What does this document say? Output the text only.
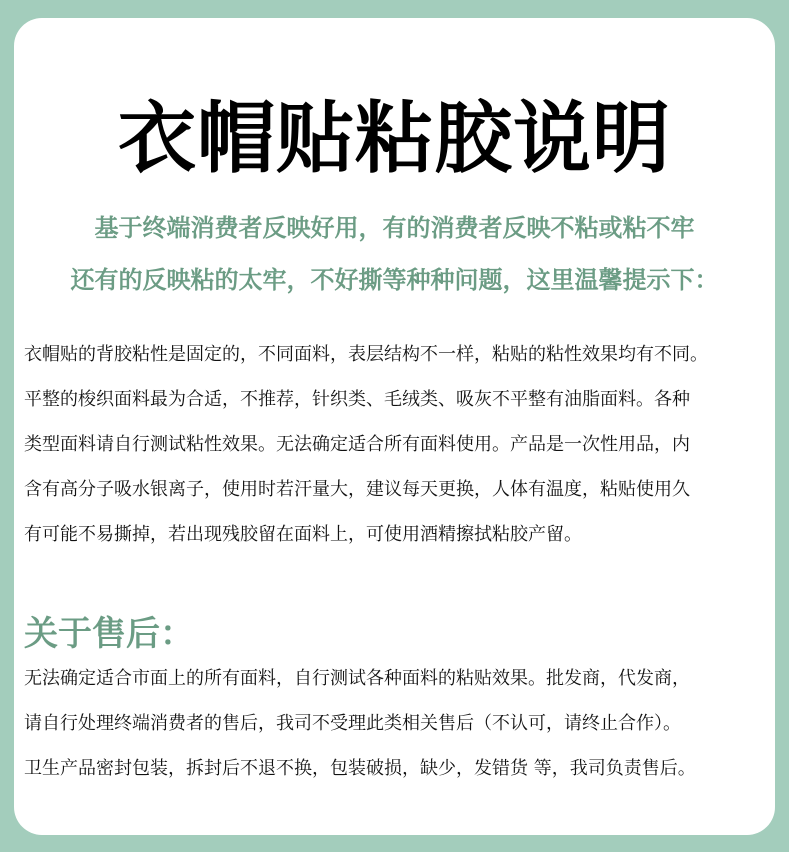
衣帽贴粘胶说明
基于终端消费者反映好用，有的消费者反映不粘或粘不牢
还有的反映粘的太牢，不好撕等种种问题，这里温馨提示下：
衣帽贴的背胶粘性是固定的，不同面料，表层结构不一样，粘贴的粘性效果均有不同。
平整的梭织面料最为合适，不推荐，针织类、毛绒类、吸灰不平整有油脂面料。各种
类型面料请自行测试粘性效果。无法确定适合所有面料使用。产品是一次性用品，内
含有高分子吸水银离子，使用时若汗量大，建议每天更换，人体有温度，粘贴使用久
有可能不易撕掉，若出现残胶留在面料上，可使用酒精擦拭粘胶产留。
关于售后：
无法确定适合市面上的所有面料，自行测试各种面料的粘贴效果。批发商，代发商，
请自行处理终端消费者的售后，我司不受理此类相关售后（不认可，请终止合作）。
卫生产品密封包装，拆封后不退不换，包装破损，缺少，发错货 等，我司负责售后。
